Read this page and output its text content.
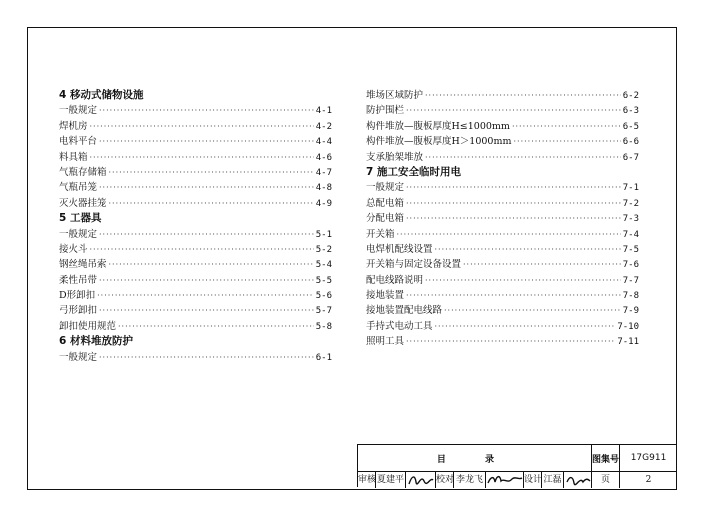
4 移动式储物设施
一般规定 ·····	4-1
焊机房 ·····	4-2
电料平台 ·····	4-4
料具箱 ·····	4-6
气瓶存储箱 ·····	4-7
气瓶吊笼 ·····	4-8
灭火器挂笼 ·····	4-9
5 工器具
一般规定 ·····	5-1
接火斗 ·····	5-2
钢丝绳吊索 ·····	5-4
柔性吊带 ·····	5-5
D形卸扣 ·····	5-6
弓形卸扣 ·····	5-7
卸扣使用规范 ·····	5-8
6 材料堆放防护
一般规定 ·····	6-1
堆场区域防护 ·····	6-2
防护围栏 ·····	6-3
构件堆放—腹板厚度H≤1000mm ·····	6-5
构件堆放—腹板厚度H＞1000mm ·····	6-6
支承胎架堆放 ·····	6-7
7 施工安全临时用电
一般规定 ·····	7-1
总配电箱 ·····	7-2
分配电箱 ·····	7-3
开关箱 ·····	7-4
电焊机配线设置 ·····	7-5
开关箱与固定设备设置 ·····	7-6
配电线路说明 ·····	7-7
接地装置 ·····	7-8
接地装置配电线路 ·····	7-9
手持式电动工具 ·····	7-10
照明工具 ·····	7-11
目 录	图集号	17G911
审核 夏建平	校对 李龙飞	设计 江磊	页	2
